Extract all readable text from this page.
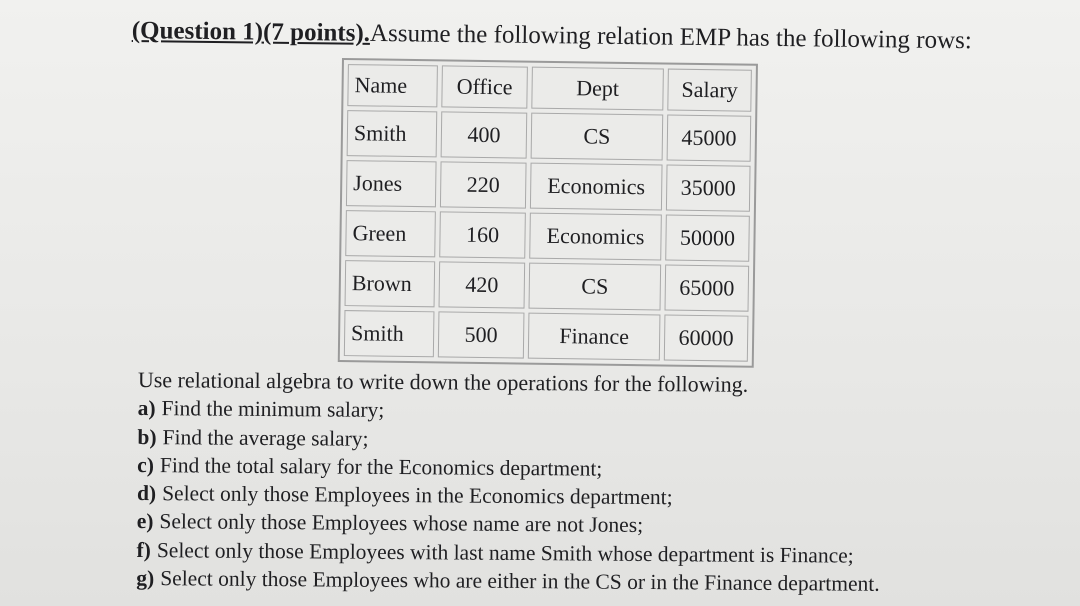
(Question 1)(7 points).Assume the following relation EMP has the following rows:
Name	Office	Dept	Salary
Smith	400	CS	45000
Jones	220	Economics	35000
Green	160	Economics	50000
Brown	420	CS	65000
Smith	500	Finance	60000

Use relational algebra to write down the operations for the following.

a) Find the minimum salary;

b) Find the average salary;

c) Find the total salary for the Economics department;

d) Select only those Employees in the Economics department;

e) Select only those Employees whose name are not Jones;

f) Select only those Employees with last name Smith whose department is Finance;

g) Select only those Employees who are either in the CS or in the Finance department.
